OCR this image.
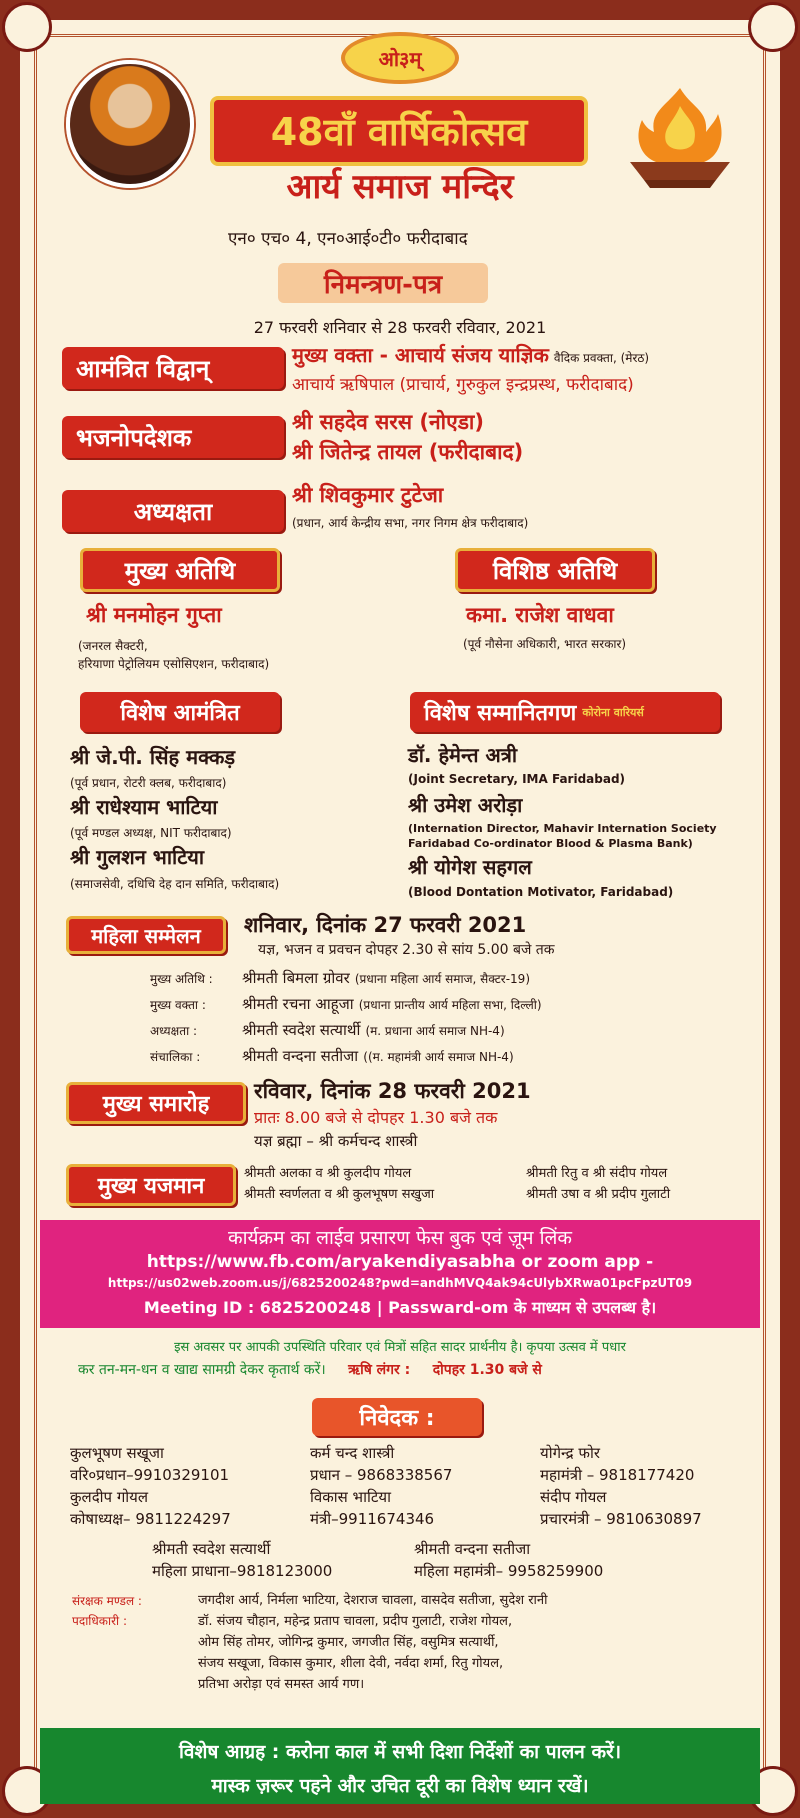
ओ३म्
48वाँ वार्षिकोत्सव
आर्य समाज मन्दिर
एन० एच० 4, एन०आई०टी० फरीदाबाद
निमन्त्रण-पत्र
27 फरवरी शनिवार से 28 फरवरी रविवार, 2021
आमंत्रित विद्वान्	मुख्य वक्ता - आचार्य संजय याज्ञिक वैदिक प्रवक्ता, (मेरठ)
आचार्य ऋषिपाल (प्राचार्य, गुरुकुल इन्द्रप्रस्थ, फरीदाबाद)
भजनोपदेशक
श्री सहदेव सरस (नोएडा)
श्री जितेन्द्र तायल (फरीदाबाद)
अध्यक्षता
श्री शिवकुमार टुटेजा
(प्रधान, आर्य केन्द्रीय सभा, नगर निगम क्षेत्र फरीदाबाद)
मुख्य अतिथि	विशिष्ठ अतिथि
श्री मनमोहन गुप्ता
(जनरल सैक्टरी,
हरियाणा पेट्रोलियम एसोसिएशन, फरीदाबाद)
कमा. राजेश वाधवा
(पूर्व नौसेना अधिकारी, भारत सरकार)
विशेष आमंत्रित	विशेष सम्मानितगण कोरोना वारियर्स
श्री जे.पी. सिंह मक्कड़
(पूर्व प्रधान, रोटरी क्लब, फरीदाबाद)
श्री राधेश्याम भाटिया
(पूर्व मण्डल अध्यक्ष, NIT फरीदाबाद)
श्री गुलशन भाटिया
(समाजसेवी, दधिचि देह दान समिति, फरीदाबाद)
डॉ. हेमेन्त अत्री
(Joint Secretary, IMA Faridabad)
श्री उमेश अरोड़ा
(Internation Director, Mahavir Internation Society
Faridabad Co-ordinator Blood & Plasma Bank)
श्री योगेश सहगल
(Blood Dontation Motivator, Faridabad)
महिला सम्मेलन	शनिवार, दिनांक 27 फरवरी 2021
यज्ञ, भजन व प्रवचन दोपहर 2.30 से सांय 5.00 बजे तक
मुख्य अतिथि : श्रीमती बिमला ग्रोवर (प्रधाना महिला आर्य समाज, सैक्टर-19)
मुख्य वक्ता : श्रीमती रचना आहूजा (प्रधाना प्रान्तीय आर्य महिला सभा, दिल्ली)
अध्यक्षता :	श्रीमती स्वदेश सत्यार्थी (म. प्रधाना आर्य समाज NH-4)
संचालिका :	श्रीमती वन्दना सतीजा ((म. महामंत्री आर्य समाज NH-4)
मुख्य समारोह
रविवार, दिनांक 28 फरवरी 2021
प्रातः 8.00 बजे से दोपहर 1.30 बजे तक
यज्ञ ब्रह्मा – श्री कर्मचन्द शास्त्री
मुख्य यजमान
श्रीमती अलका व श्री कुलदीप गोयल
श्रीमती स्वर्णलता व श्री कुलभूषण सखुजा
श्रीमती रितु व श्री संदीप गोयल
श्रीमती उषा व श्री प्रदीप गुलाटी
कार्यक्रम का लाईव प्रसारण फेस बुक एवं ज़ूम लिंक
https://www.fb.com/aryakendiyasabha or zoom app -
https://us02web.zoom.us/j/6825200248?pwd=andhMVQ4ak94cUlybXRwa01pcFpzUT09
Meeting ID : 6825200248 | Passward-om के माध्यम से उपलब्ध है।
इस अवसर पर आपकी उपस्थिति परिवार एवं मित्रों सहित सादर प्रार्थनीय है। कृपया उत्सव में पधार
कर तन-मन-धन व खाद्य सामग्री देकर कृतार्थ करें। ऋषि लंगर : दोपहर 1.30 बजे से
निवेदक :
कुलभूषण सखूजा
वरि०प्रधान–9910329101
कुलदीप गोयल
कोषाध्यक्ष– 9811224297
कर्म चन्द शास्त्री
प्रधान – 9868338567
विकास भाटिया
मंत्री–9911674346
योगेन्द्र फोर
महामंत्री – 9818177420
संदीप गोयल
प्रचारमंत्री – 9810630897
श्रीमती स्वदेश सत्यार्थी
महिला प्राधाना–9818123000
श्रीमती वन्दना सतीजा
महिला महामंत्री– 9958259900
संरक्षक मण्डल :
पदाधिकारी :
जगदीश आर्य, निर्मला भाटिया, देशराज चावला, वासदेव सतीजा, सुदेश रानी
डॉ. संजय चौहान, महेन्द्र प्रताप चावला, प्रदीप गुलाटी, राजेश गोयल,
ओम सिंह तोमर, जोगिन्द्र कुमार, जगजीत सिंह, वसुमित्र सत्यार्थी,
संजय सखूजा, विकास कुमार, शीला देवी, नर्वदा शर्मा, रितु गोयल,
प्रतिभा अरोड़ा एवं समस्त आर्य गण।
विशेष आग्रह : करोना काल में सभी दिशा निर्देशों का पालन करें।
मास्क ज़रूर पहने और उचित दूरी का विशेष ध्यान रखें।
